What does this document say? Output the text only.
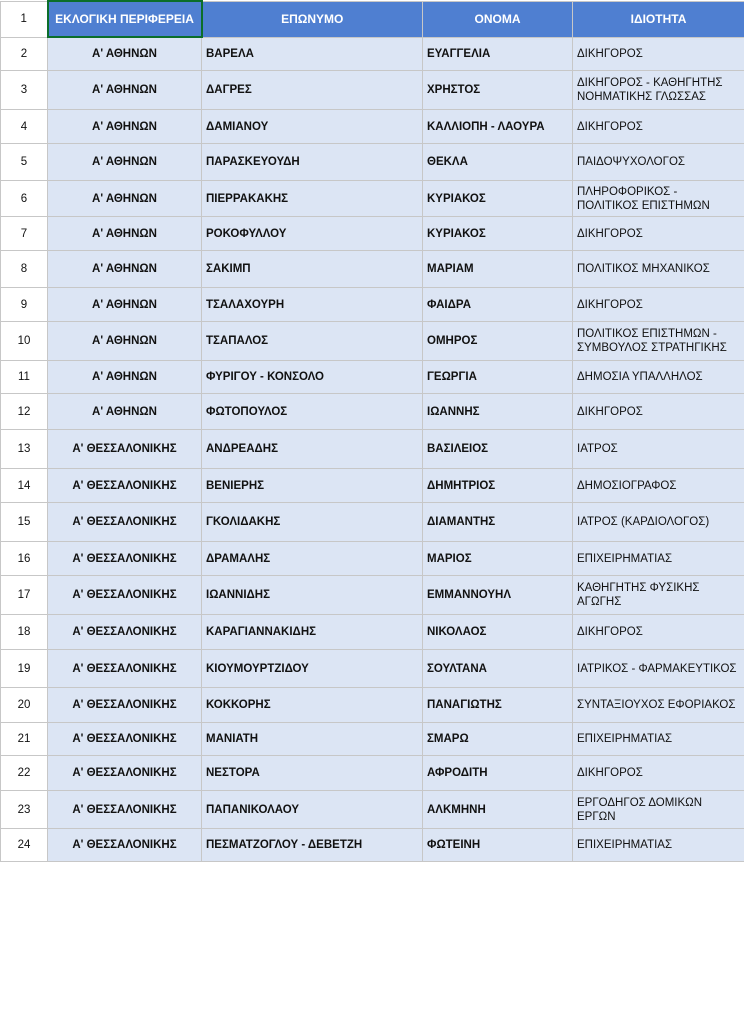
1	ΕΚΛΟΓΙΚΗ ΠΕΡΙΦΕΡΕΙΑ	ΕΠΩΝΥΜΟ	ΟΝΟΜΑ	ΙΔΙΟΤΗΤΑ
2	Α' ΑΘΗΝΩΝ	ΒΑΡΕΛΑ	ΕΥΑΓΓΕΛΙΑ	ΔΙΚΗΓΟΡΟΣ
3	Α' ΑΘΗΝΩΝ	ΔΑΓΡΕΣ	ΧΡΗΣΤΟΣ	ΔΙΚΗΓΟΡΟΣ - ΚΑΘΗΓΗΤΗΣ ΝΟΗΜΑΤΙΚΗΣ ΓΛΩΣΣΑΣ
4	Α' ΑΘΗΝΩΝ	ΔΑΜΙΑΝΟΥ	ΚΑΛΛΙΟΠΗ - ΛΑΟΥΡΑ	ΔΙΚΗΓΟΡΟΣ
5	Α' ΑΘΗΝΩΝ	ΠΑΡΑΣΚΕΥΟΥΔΗ	ΘΕΚΛΑ	ΠΑΙΔΟΨΥΧΟΛΟΓΟΣ
6	Α' ΑΘΗΝΩΝ	ΠΙΕΡΡΑΚΑΚΗΣ	ΚΥΡΙΑΚΟΣ	ΠΛΗΡΟΦΟΡΙΚΟΣ - ΠΟΛΙΤΙΚΟΣ ΕΠΙΣΤΗΜΩΝ
7	Α' ΑΘΗΝΩΝ	ΡΟΚΟΦΥΛΛΟΥ	ΚΥΡΙΑΚΟΣ	ΔΙΚΗΓΟΡΟΣ
8	Α' ΑΘΗΝΩΝ	ΣΑΚΙΜΠ	ΜΑΡΙΑΜ	ΠΟΛΙΤΙΚΟΣ ΜΗΧΑΝΙΚΟΣ
9	Α' ΑΘΗΝΩΝ	ΤΣΑΛΑΧΟΥΡΗ	ΦΑΙΔΡΑ	ΔΙΚΗΓΟΡΟΣ
10	Α' ΑΘΗΝΩΝ	ΤΣΑΠΑΛΟΣ	ΟΜΗΡΟΣ	ΠΟΛΙΤΙΚΟΣ ΕΠΙΣΤΗΜΩΝ - ΣΥΜΒΟΥΛΟΣ ΣΤΡΑΤΗΓΙΚΗΣ
11	Α' ΑΘΗΝΩΝ	ΦΥΡΙΓΟΥ - ΚΟΝΣΟΛΟ	ΓΕΩΡΓΙΑ	ΔΗΜΟΣΙΑ ΥΠΑΛΛΗΛΟΣ
12	Α' ΑΘΗΝΩΝ	ΦΩΤΟΠΟΥΛΟΣ	ΙΩΑΝΝΗΣ	ΔΙΚΗΓΟΡΟΣ
13	Α' ΘΕΣΣΑΛΟΝΙΚΗΣ	ΑΝΔΡΕΑΔΗΣ	ΒΑΣΙΛΕΙΟΣ	ΙΑΤΡΟΣ
14	Α' ΘΕΣΣΑΛΟΝΙΚΗΣ	ΒΕΝΙΕΡΗΣ	ΔΗΜΗΤΡΙΟΣ	ΔΗΜΟΣΙΟΓΡΑΦΟΣ
15	Α' ΘΕΣΣΑΛΟΝΙΚΗΣ	ΓΚΟΛΙΔΑΚΗΣ	ΔΙΑΜΑΝΤΗΣ	ΙΑΤΡΟΣ (ΚΑΡΔΙΟΛΟΓΟΣ)
16	Α' ΘΕΣΣΑΛΟΝΙΚΗΣ	ΔΡΑΜΑΛΗΣ	ΜΑΡΙΟΣ	ΕΠΙΧΕΙΡΗΜΑΤΙΑΣ
17	Α' ΘΕΣΣΑΛΟΝΙΚΗΣ	ΙΩΑΝΝΙΔΗΣ	ΕΜΜΑΝΝΟΥΗΛ	ΚΑΘΗΓΗΤΗΣ ΦΥΣΙΚΗΣ ΑΓΩΓΗΣ
18	Α' ΘΕΣΣΑΛΟΝΙΚΗΣ	ΚΑΡΑΓΙΑΝΝΑΚΙΔΗΣ	ΝΙΚΟΛΑΟΣ	ΔΙΚΗΓΟΡΟΣ
19	Α' ΘΕΣΣΑΛΟΝΙΚΗΣ	ΚΙΟΥΜΟΥΡΤΖΙΔΟΥ	ΣΟΥΛΤΑΝΑ	ΙΑΤΡΙΚΟΣ - ΦΑΡΜΑΚΕΥΤΙΚΟΣ
20	Α' ΘΕΣΣΑΛΟΝΙΚΗΣ	ΚΟΚΚΟΡΗΣ	ΠΑΝΑΓΙΩΤΗΣ	ΣΥΝΤΑΞΙΟΥΧΟΣ ΕΦΟΡΙΑΚΟΣ
21	Α' ΘΕΣΣΑΛΟΝΙΚΗΣ	ΜΑΝΙΑΤΗ	ΣΜΑΡΩ	ΕΠΙΧΕΙΡΗΜΑΤΙΑΣ
22	Α' ΘΕΣΣΑΛΟΝΙΚΗΣ	ΝΕΣΤΟΡΑ	ΑΦΡΟΔΙΤΗ	ΔΙΚΗΓΟΡΟΣ
23	Α' ΘΕΣΣΑΛΟΝΙΚΗΣ	ΠΑΠΑΝΙΚΟΛΑΟΥ	ΑΛΚΜΗΝΗ	ΕΡΓΟΔΗΓΟΣ ΔΟΜΙΚΩΝ ΕΡΓΩΝ
24	Α' ΘΕΣΣΑΛΟΝΙΚΗΣ	ΠΕΣΜΑΤΖΟΓΛΟΥ - ΔΕΒΕΤΖΗ	ΦΩΤΕΙΝΗ	ΕΠΙΧΕΙΡΗΜΑΤΙΑΣ
